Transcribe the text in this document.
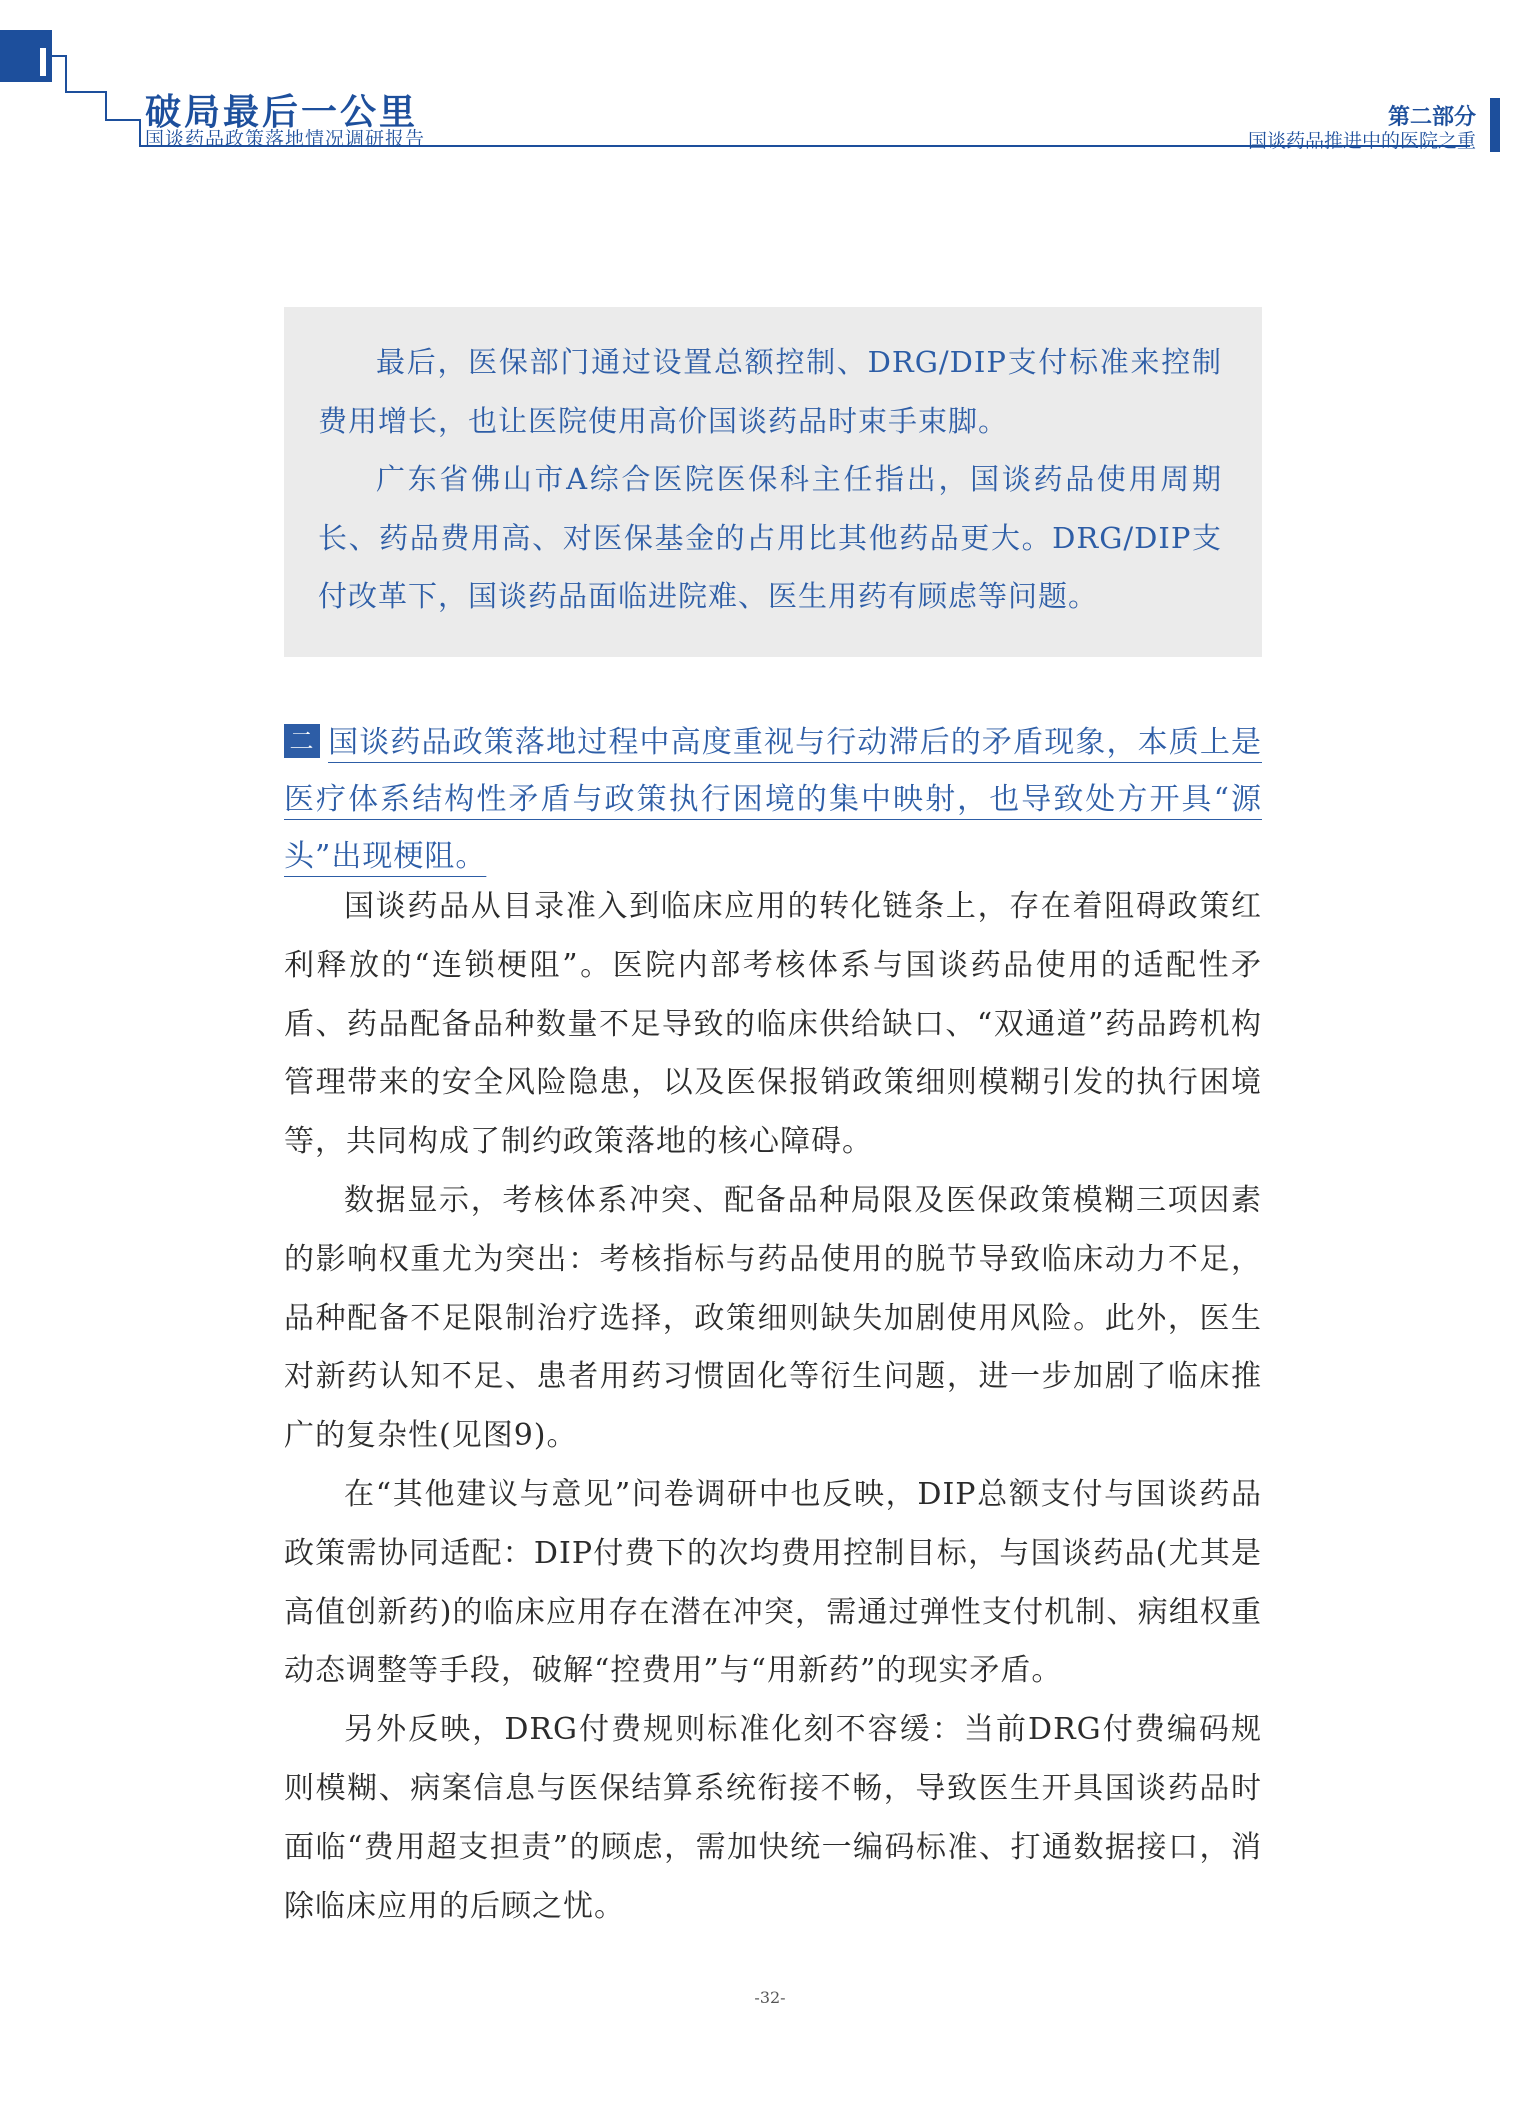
破局最后一公里
国谈药品政策落地情况调研报告
第二部分
国谈药品推进中的医院之重

最后，医保部门通过设置总额控制、DRG/DIP支付标准来控制费用增长，也让医院使用高价国谈药品时束手束脚。

广东省佛山市A综合医院医保科主任指出，国谈药品使用周期长、药品费用高、对医保基金的占用比其他药品更大。DRG/DIP支付改革下，国谈药品面临进院难、医生用药有顾虑等问题。

二 国谈药品政策落地过程中高度重视与行动滞后的矛盾现象，本质上是医疗体系结构性矛盾与政策执行困境的集中映射，也导致处方开具“源头”出现梗阻。

国谈药品从目录准入到临床应用的转化链条上，存在着阻碍政策红利释放的“连锁梗阻”。医院内部考核体系与国谈药品使用的适配性矛盾、药品配备品种数量不足导致的临床供给缺口、“双通道”药品跨机构管理带来的安全风险隐患，以及医保报销政策细则模糊引发的执行困境等，共同构成了制约政策落地的核心障碍。

数据显示，考核体系冲突、配备品种局限及医保政策模糊三项因素的影响权重尤为突出：考核指标与药品使用的脱节导致临床动力不足，品种配备不足限制治疗选择，政策细则缺失加剧使用风险。此外，医生对新药认知不足、患者用药习惯固化等衍生问题，进一步加剧了临床推广的复杂性(见图9)。

在“其他建议与意见”问卷调研中也反映，DIP总额支付与国谈药品政策需协同适配：DIP付费下的次均费用控制目标，与国谈药品(尤其是高值创新药)的临床应用存在潜在冲突，需通过弹性支付机制、病组权重动态调整等手段，破解“控费用”与“用新药”的现实矛盾。

另外反映，DRG付费规则标准化刻不容缓：当前DRG付费编码规则模糊、病案信息与医保结算系统衔接不畅，导致医生开具国谈药品时面临“费用超支担责”的顾虑，需加快统一编码标准、打通数据接口，消除临床应用的后顾之忧。

-32-
